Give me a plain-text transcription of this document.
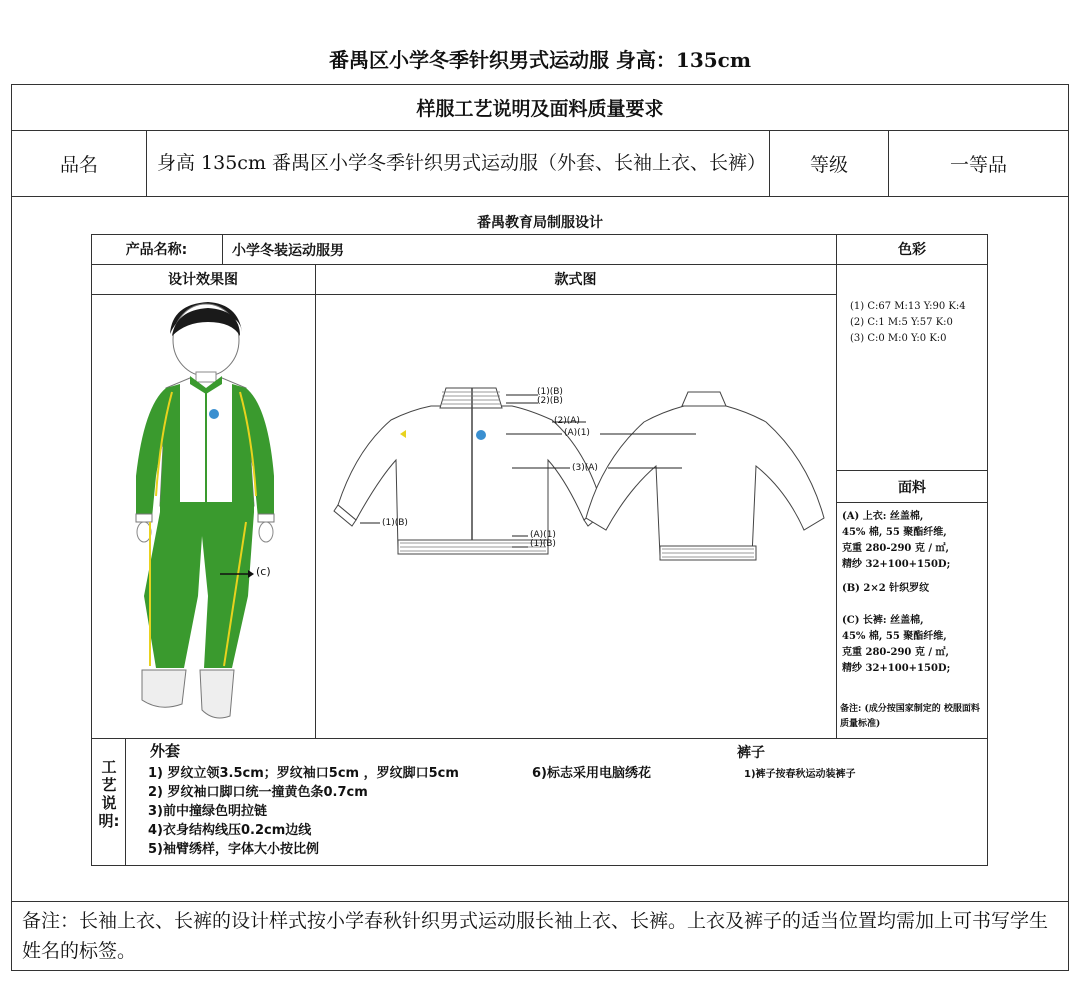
番禺区小学冬季针织男式运动服 身高：135cm
样服工艺说明及面料质量要求
品名	身高 135cm 番禺区小学冬季针织男式运动服（外套、长袖上衣、长裤）	等级	一等品
备注：长袖上衣、长裤的设计样式按小学春秋针织男式运动服长袖上衣、长裤。上衣及裤子的适当位置均需加上可书写学生姓名的标签。
番禺教育局制服设计
产品名称:	小学冬装运动服男	色彩
设计效果图	款式图
(1) C:67 M:13 Y:90 K:4
(2) C:1 M:5 Y:57 K:0
(3) C:0 M:0 Y:0 K:0
面料
(A) 上衣: 丝盖棉,
45% 棉, 55 聚酯纤维,
克重 280-290 克 / ㎡,
精纱 32+100+150D;
(B) 2×2 针织罗纹
(C) 长裤: 丝盖棉,
45% 棉, 55 聚酯纤维,
克重 280-290 克 / ㎡,
精纱 32+100+150D;
备注: (成分按国家制定的 校服面料质量标准)
(c)
(1)(B)
(2)(B)
(2)(A)
(A)(1)
(3)(A)
(1)(B)
(A)(1)
(1)(B)
工艺说明:
外套
1) 罗纹立领3.5cm；罗纹袖口5cm ，罗纹脚口5cm
2) 罗纹袖口脚口统一撞黄色条0.7cm
3)前中撞绿色明拉链
4)衣身结构线压0.2cm边线
5)袖臂绣样，字体大小按比例
6)标志采用电脑绣花
裤子
1)裤子按春秋运动装裤子
